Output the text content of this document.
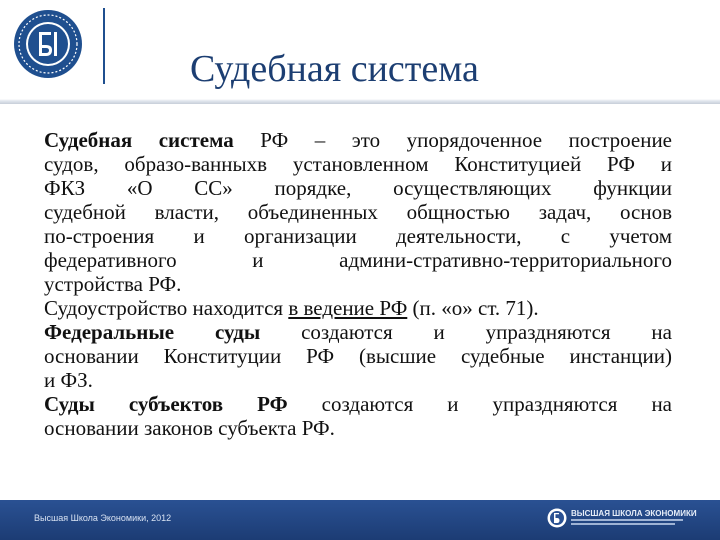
Судебная система

Судебная система РФ – это упорядоченное построение

судов, образо-ванныхв установленном Конституцией РФ и

ФКЗ «О СС» порядке, осуществляющих функции

судебной власти, объединенных общностью задач, основ

по-строения и организации деятельности, с учетом

федеративного и админи-стративно-территориального

устройства РФ.

Судоустройство находится в ведение РФ (п. «о» ст. 71).

Федеральные суды создаются и упраздняются на

основании Конституции РФ (высшие судебные инстанции)

и ФЗ.

Суды субъектов РФ создаются и упраздняются на

основании законов субъекта РФ.

Высшая Школа Экономики, 2012	ВЫСШАЯ ШКОЛА ЭКОНОМИКИ
